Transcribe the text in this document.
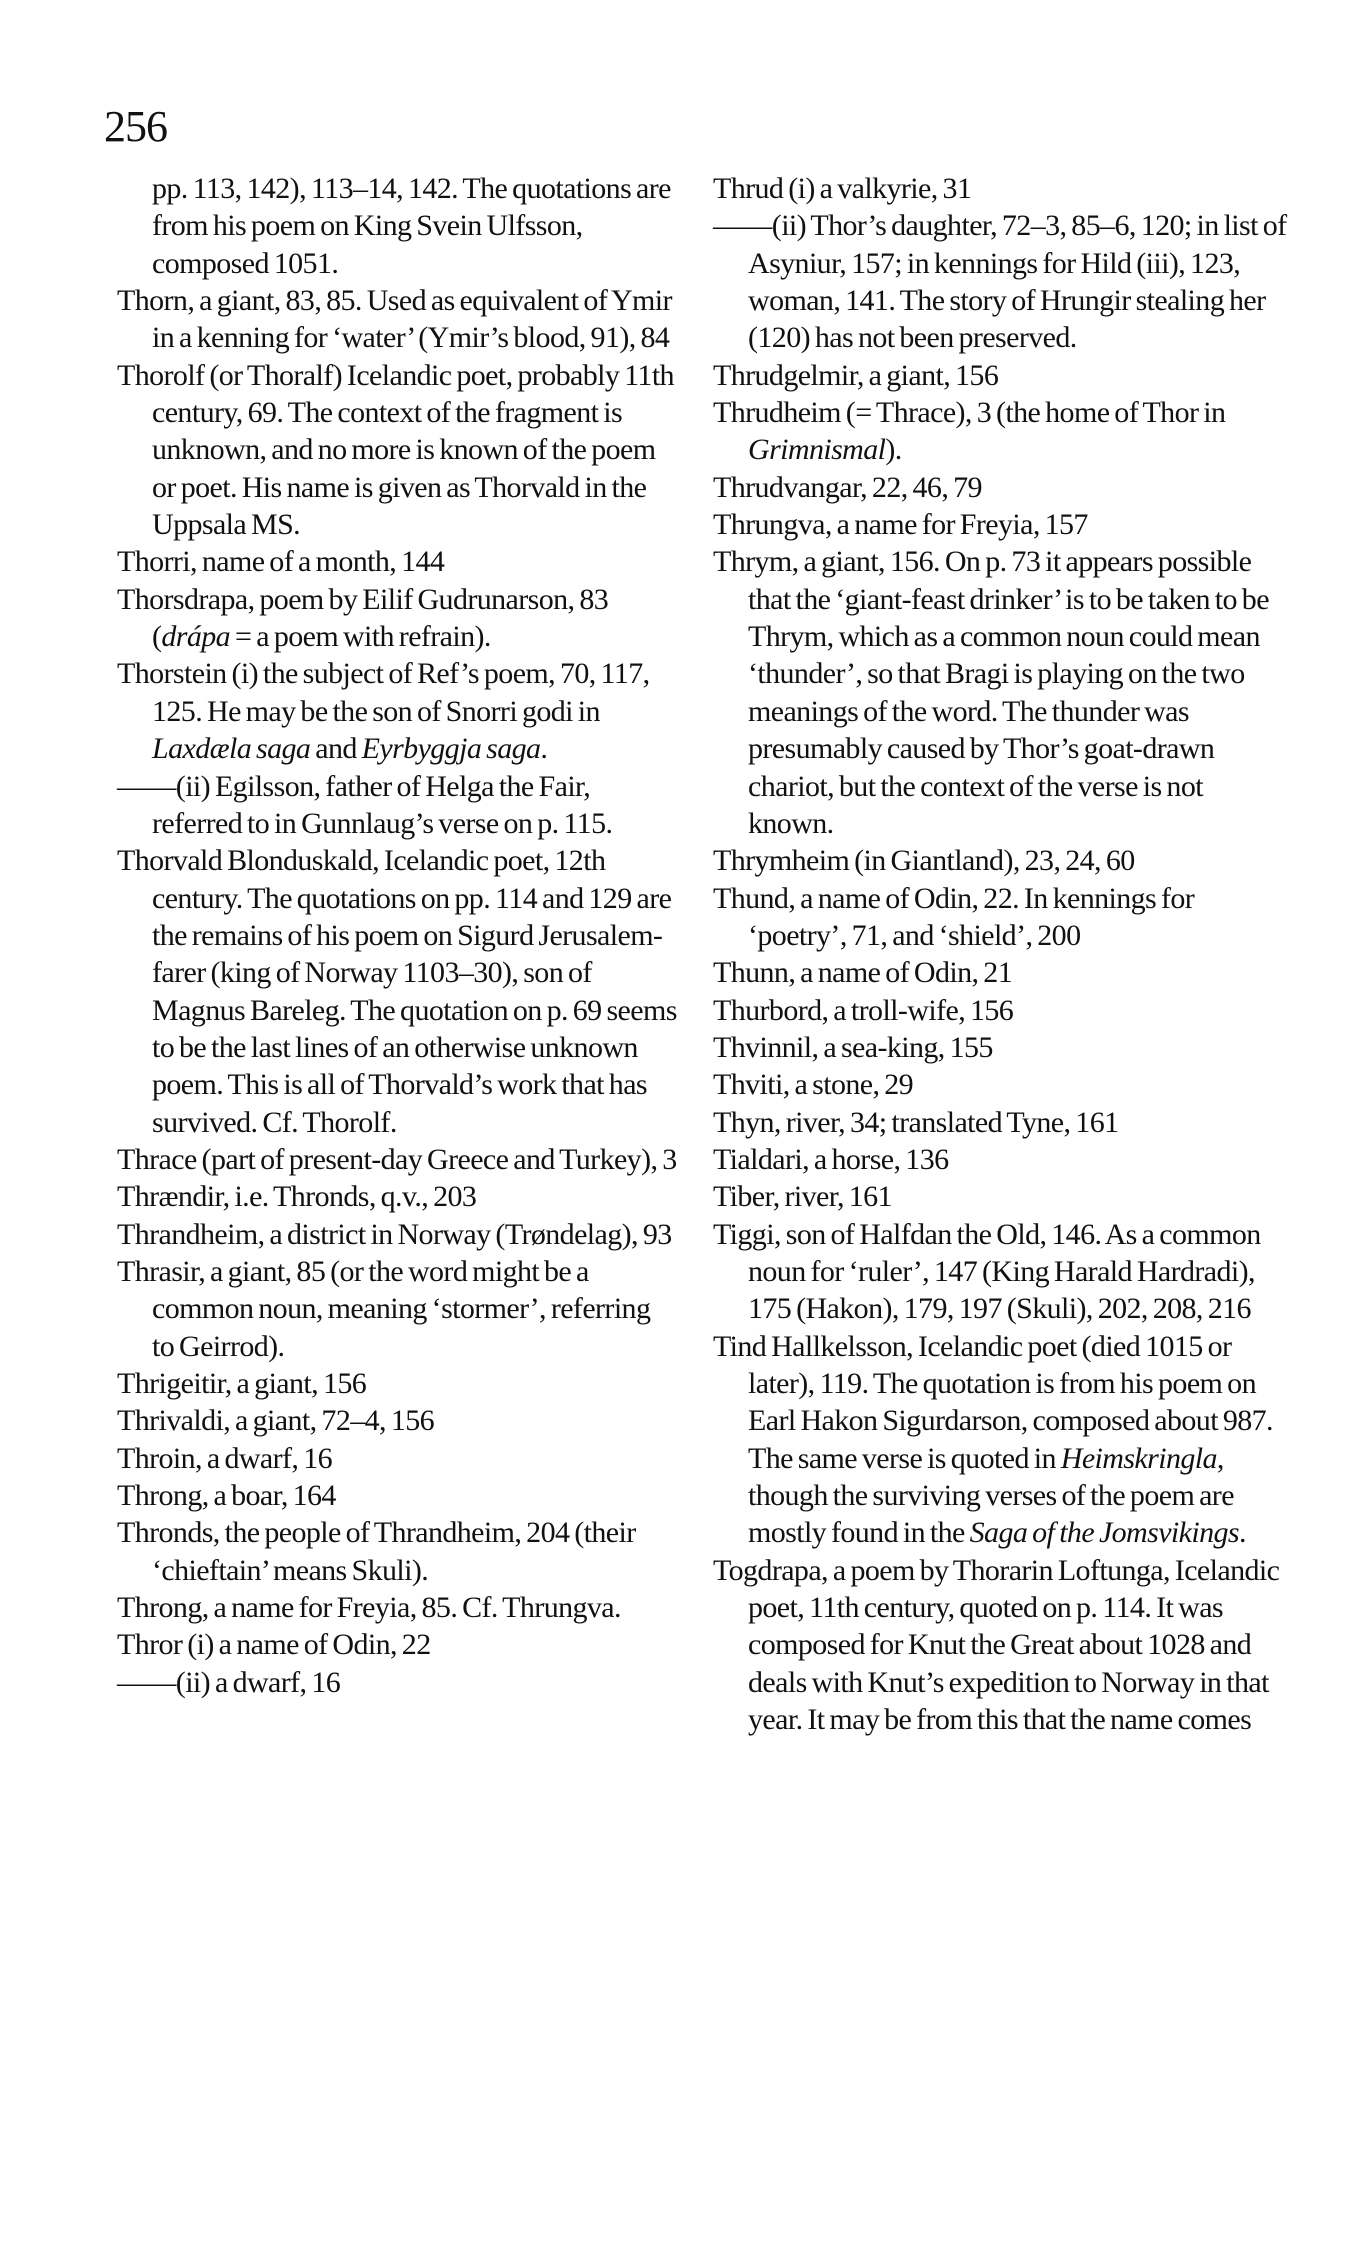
256

pp. 113, 142), 113–14, 142. The quotations are from his poem on King Svein Ulfsson, composed 1051.

Thorn, a giant, 83, 85. Used as equivalent of Ymir in a kenning for ‘water’ (Ymir’s blood, 91), 84

Thorolf (or Thoralf) Icelandic poet, probably 11th century, 69. The context of the fragment is unknown, and no more is known of the poem or poet. His name is given as Thorvald in the Uppsala MS.

Thorri, name of a month, 144

Thorsdrapa, poem by Eilif Gudrunarson, 83 (drápa = a poem with refrain).

Thorstein (i) the subject of Ref’s poem, 70, 117, 125. He may be the son of Snorri godi in Laxdæla saga and Eyrbyggja saga.

——(ii) Egilsson, father of Helga the Fair, referred to in Gunnlaug’s verse on p. 115.

Thorvald Blonduskald, Icelandic poet, 12th century. The quotations on pp. 114 and 129 are the remains of his poem on Sigurd Jerusalem-farer (king of Norway 1103–30), son of Magnus Bareleg. The quotation on p. 69 seems to be the last lines of an otherwise unknown poem. This is all of Thorvald’s work that has survived. Cf. Thorolf.

Thrace (part of present-day Greece and Turkey), 3

Thrændir, i.e. Thronds, q.v., 203

Thrandheim, a district in Norway (Trøndelag), 93

Thrasir, a giant, 85 (or the word might be a common noun, meaning ‘stormer’, referring to Geirrod).

Thrigeitir, a giant, 156

Thrivaldi, a giant, 72–4, 156

Throin, a dwarf, 16

Throng, a boar, 164

Thronds, the people of Thrandheim, 204 (their ‘chieftain’ means Skuli).

Throng, a name for Freyia, 85. Cf. Thrungva.

Thror (i) a name of Odin, 22

——(ii) a dwarf, 16

Thrud (i) a valkyrie, 31

——(ii) Thor’s daughter, 72–3, 85–6, 120; in list of Asyniur, 157; in kennings for Hild (iii), 123, woman, 141. The story of Hrungir stealing her (120) has not been preserved.

Thrudgelmir, a giant, 156

Thrudheim (= Thrace), 3 (the home of Thor in Grimnismal).

Thrudvangar, 22, 46, 79

Thrungva, a name for Freyia, 157

Thrym, a giant, 156. On p. 73 it appears possible that the ‘giant-feast drinker’ is to be taken to be Thrym, which as a common noun could mean ‘thunder’, so that Bragi is playing on the two meanings of the word. The thunder was presumably caused by Thor’s goat-drawn chariot, but the context of the verse is not known.

Thrymheim (in Giantland), 23, 24, 60

Thund, a name of Odin, 22. In kennings for ‘poetry’, 71, and ‘shield’, 200

Thunn, a name of Odin, 21

Thurbord, a troll-wife, 156

Thvinnil, a sea-king, 155

Thviti, a stone, 29

Thyn, river, 34; translated Tyne, 161

Tialdari, a horse, 136

Tiber, river, 161

Tiggi, son of Halfdan the Old, 146. As a common noun for ‘ruler’, 147 (King Harald Hardradi), 175 (Hakon), 179, 197 (Skuli), 202, 208, 216

Tind Hallkelsson, Icelandic poet (died 1015 or later), 119. The quotation is from his poem on Earl Hakon Sigurdarson, composed about 987. The same verse is quoted in Heimskringla, though the surviving verses of the poem are mostly found in the Saga of the Jomsvikings.

Togdrapa, a poem by Thorarin Loftunga, Icelandic poet, 11th century, quoted on p. 114. It was composed for Knut the Great about 1028 and deals with Knut’s expedition to Norway in that year. It may be from this that the name comes
